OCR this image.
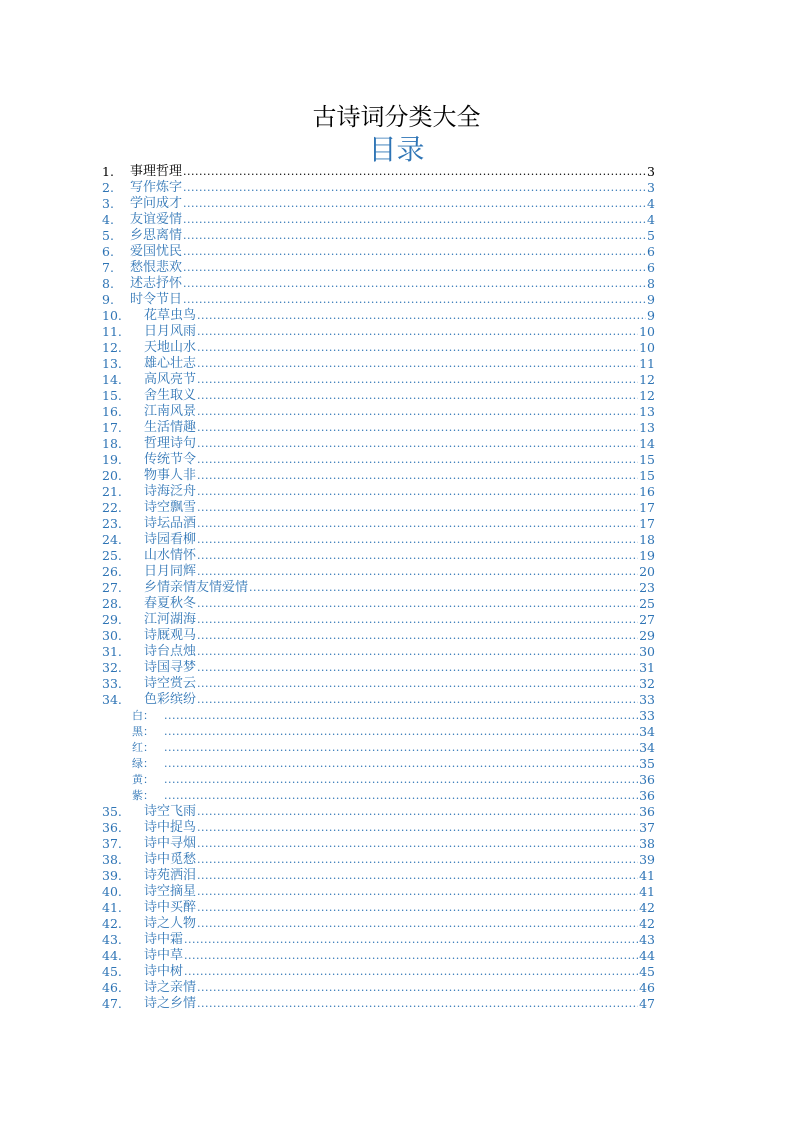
古诗词分类大全
目录
1.	事理哲理 .....	3
2.	写作炼字 .....	3
3.	学问成才 .....	4
4.	友谊爱情 .....	4
5.	乡思离情 .....	5
6.	爱国忧民 .....	6
7.	愁恨悲欢 .....	6
8.	述志抒怀 .....	8
9.	时令节日 .....	9
10.	花草虫鸟 .....	9
11.	日月风雨 .....	10
12.	天地山水 .....	10
13.	雄心壮志 .....	11
14.	高风亮节 .....	12
15.	舍生取义 .....	12
16.	江南风景 .....	13
17.	生活情趣 .....	13
18.	哲理诗句 .....	14
19.	传统节令 .....	15
20.	物事人非 .....	15
21.	诗海泛舟 .....	16
22.	诗空飘雪 .....	17
23.	诗坛品酒 .....	17
24.	诗园看柳 .....	18
25.	山水情怀 .....	19
26.	日月同辉 .....	20
27.	乡情亲情友情爱情 .....	23
28.	春夏秋冬 .....	25
29.	江河湖海 .....	27
30.	诗厩观马 .....	29
31.	诗台点烛 .....	30
32.	诗国寻梦 .....	31
33.	诗空赏云 .....	32
34.	色彩缤纷 .....	33
白： .....	33
黑： .....	34
红： .....	34
绿： .....	35
黄： .....	36
紫： .....	36
35.	诗空飞雨 .....	36
36.	诗中捉鸟 .....	37
37.	诗中寻烟 .....	38
38.	诗中觅愁 .....	39
39.	诗苑洒泪 .....	41
40.	诗空摘星 .....	41
41.	诗中买醉 .....	42
42.	诗之人物 .....	42
43.	诗中霜 .....	43
44.	诗中草 .....	44
45.	诗中树 .....	45
46.	诗之亲情 .....	46
47.	诗之乡情 .....	47
